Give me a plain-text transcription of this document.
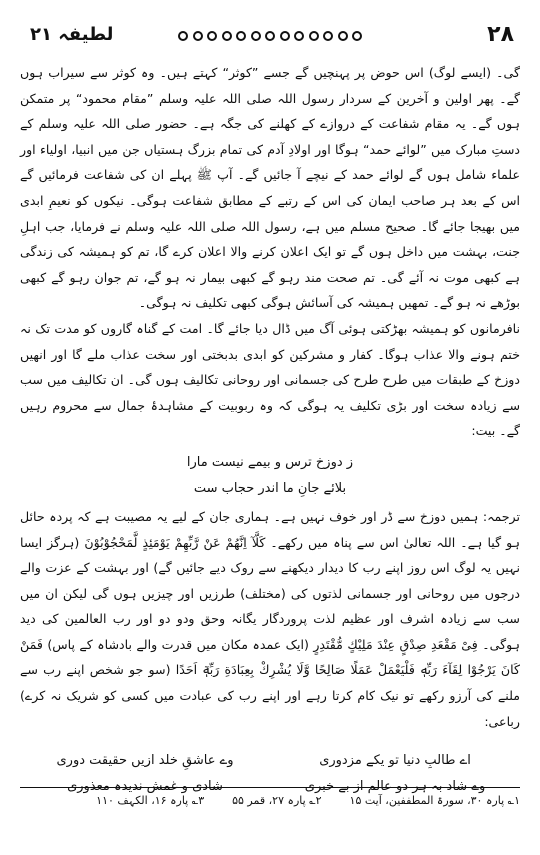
لطیفہ ۲۱	۲۸

گی۔ (ایسے لوگ) اس حوض پر پہنچیں گے جسے ”کوثر“ کہتے ہیں۔ وہ کوثر سے سیراب ہوں گے۔ پھر اولین و آخرین کے سردار رسول اللہ صلی اللہ علیہ وسلم ”مقام محمود“ پر متمکن ہوں گے۔ یہ مقام شفاعت کے دروازے کے کھلنے کی جگہ ہے۔ حضور صلی اللہ علیہ وسلم کے دستِ مبارک میں ”لوائے حمد“ ہوگا اور اولادِ آدم کی تمام بزرگ ہستیاں جن میں انبیا، اولیاء اور علماء شامل ہوں گے لوائے حمد کے نیچے آ جائیں گے۔ آپ ﷺ پہلے ان کی شفاعت فرمائیں گے اس کے بعد ہر صاحب ایمان کی اس کے رتبے کے مطابق شفاعت ہوگی۔ نیکوں کو نعیمِ ابدی میں بھیجا جائے گا۔ صحیح مسلم میں ہے، رسول اللہ صلی اللہ علیہ وسلم نے فرمایا، جب اہلِ جنت، بہشت میں داخل ہوں گے تو ایک اعلان کرنے والا اعلان کرے گا، تم کو ہمیشہ کی زندگی ہے کبھی موت نہ آئے گی۔ تم صحت مند رہو گے کبھی بیمار نہ ہو گے، تم جوان رہو گے کبھی بوڑھے نہ ہو گے۔ تمھیں ہمیشہ کی آسائش ہوگی کبھی تکلیف نہ ہوگی۔

نافرمانوں کو ہمیشہ بھڑکتی ہوئی آگ میں ڈال دیا جائے گا۔ امت کے گناہ گاروں کو مدت تک نہ ختم ہونے والا عذاب ہوگا۔ کفار و مشرکین کو ابدی بدبختی اور سخت عذاب ملے گا اور انھیں دوزخ کے طبقات میں طرح طرح کی جسمانی اور روحانی تکالیف ہوں گی۔ ان تکالیف میں سب سے زیادہ سخت اور بڑی تکلیف یہ ہوگی کہ وہ ربوبیت کے مشاہدۂ جمال سے محروم رہیں گے۔ بیت:

ز دوزخ ترس و بیمے نیست مارا
بلائے جانِ ما اندر حجاب ست

ترجمہ: ہمیں دوزخ سے ڈر اور خوف نہیں ہے۔ ہماری جان کے لیے یہ مصیبت ہے کہ پردہ حائل ہو گیا ہے۔ اللہ تعالیٰ اس سے پناہ میں رکھے۔ كَلَّآ اِنَّهُمْ عَنْ رَّبِّهِمْ يَوْمَئِذٍ لَّمَحْجُوْبُوْنَ (ہرگز ایسا نہیں یہ لوگ اس روز اپنے رب کا دیدار دیکھنے سے روک دیے جائیں گے) اور بہشت کے عزت والے درجوں میں روحانی اور جسمانی لذتوں کی (مختلف) طرزیں اور چیزیں ہوں گی لیکن ان میں سب سے زیادہ اشرف اور عظیم لذت پروردگار یگانہ وحق ودو دو اور رب العالمین کی دید ہوگی۔ فِیْ مَقْعَدِ صِدْقٍ عِنْدَ مَلِیْكٍ مُّقْتَدِرٍ (ایک عمدہ مکان میں قدرت والے بادشاہ کے پاس) فَمَنْ كَانَ يَرْجُوْا لِقَآءَ رَبِّهٖ فَلْيَعْمَلْ عَمَلًا صَالِحًا وَّلَا يُشْرِكْ بِعِبَادَةِ رَبِّهٖٓ اَحَدًا (سو جو شخص اپنے رب سے ملنے کی آرزو رکھے تو نیک کام کرتا رہے اور اپنے رب کی عبادت میں کسی کو شریک نہ کرے) رباعی:

اے طالبِ دنیا تو یکے مزدوری
وے عاشقِ خلد ازیں حقیقت دوری
وے شاد بہ ہر دو عالم از بے خبری
شادی و غمش ندیدہ معذوری
۱؎ پارہ ۳۰، سورۃ المطففین، آیت ۱۵
۲؎ پارہ ۲۷، قمر ۵۵
۳؎ پارہ ۱۶، الکہف ۱۱۰
